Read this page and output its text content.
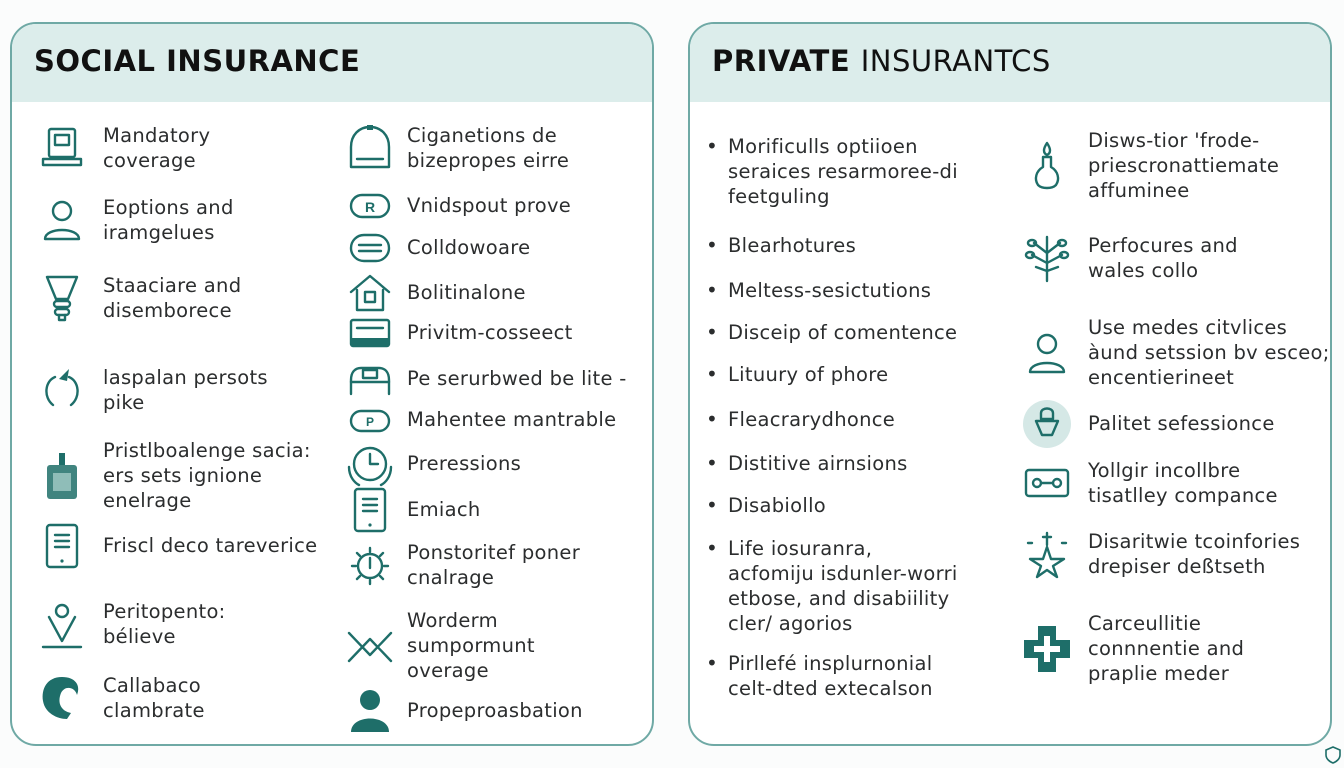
SOCIAL INSURANCE
Mandatory
coverage
Eoptions and
iramgelues
Staaciare and
disemborece
laspalan persots
pike
Pristlboalenge sacia:
ers sets ignione
enelrage
Friscl deco tareverice
Peritopento:
bélieve
Callabaco
clambrate
Ciganetions de
bizepropes eirre
R Vnidspout prove
Colldowoare
Bolitinalone
Privitm-cosseect
Pe serurbwed be lite -
P Mahentee mantrable
Preressions
Emiach
Ponstoritef poner
cnalrage
Worderm
sumpormunt
overage
Propeproasbation
PRIVATE INSURANTCS
• Morificulls optiioen
seraices resarmoree-di
feetguling
• Blearhotures
• Meltess-sesictutions
• Disceip of comentence
• Lituury of phore
• Fleacrarydhonce
• Distitive airnsions
• Disabiollo
• Life iosuranra,
acfomiju isdunler-worri
etbose, and disabiility
cler/ agorios
• Pirllefé insplurnonial
celt-dted extecalson
Disws-tior 'frode-
priescronattiemate
affuminee
Perfocures and
wales collo
Use medes citvlices
àund setssion bv esceo;
encentierineet
Palitet sefessionce
Yollgir incollbre
tisatlley compance
Disaritwie tcoinfories
drepiser deßtseth
Carceullitie
connnentie and
praplie meder
